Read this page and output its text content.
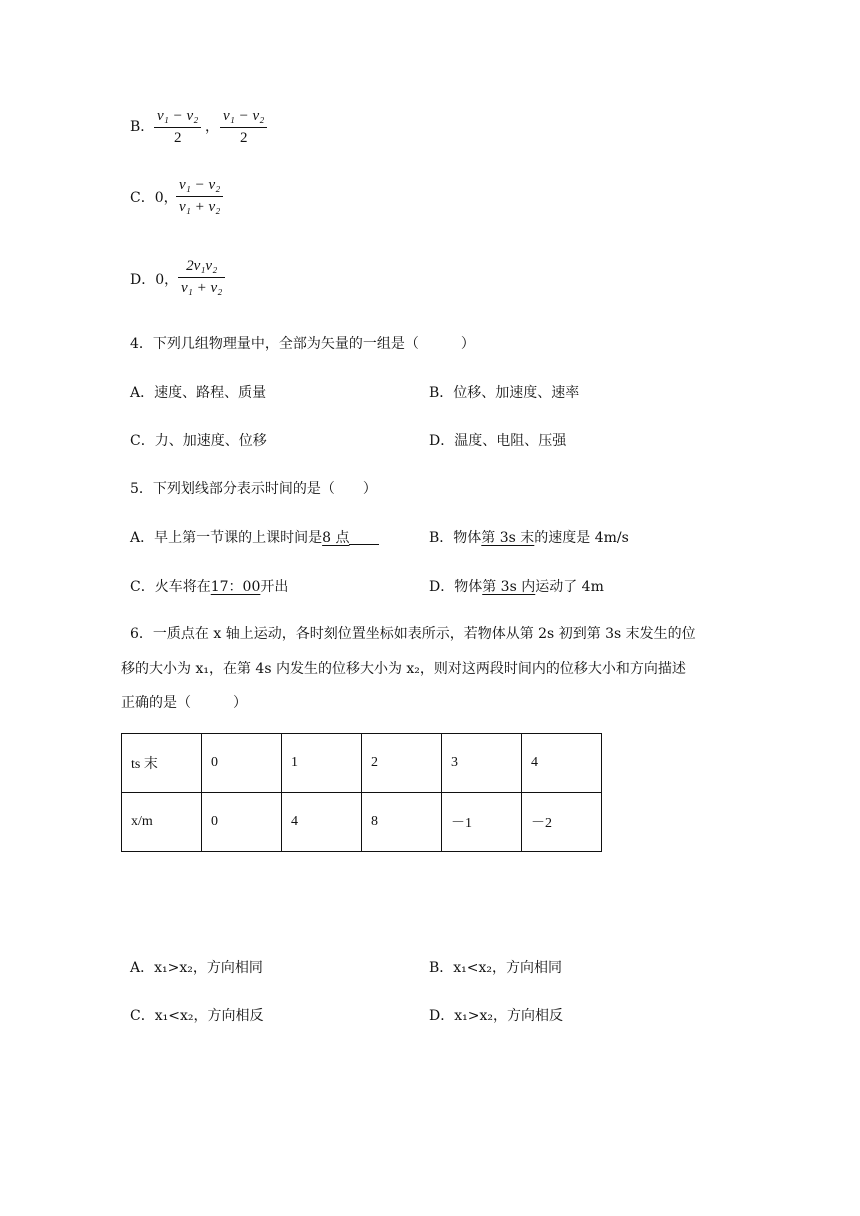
B．
v₁ − v₂
2
，
v₁ − v₂
2
C．0，
v₁ − v₂
v₁ + v₂
D．0，
2v₁v₂
v₁ + v₂
4．下列几组物理量中，全部为矢量的一组是（　　　）
A．速度、路程、质量	B．位移、加速度、速率
C．力、加速度、位移	D．温度、电阻、压强
5．下列划线部分表示时间的是（　　）
A．早上第一节课的上课时间是8 点	B．物体第 3s 末的速度是 4m/s
C．火车将在17：00开出	D．物体第 3s 内运动了 4m
6．一质点在 x 轴上运动，各时刻位置坐标如表所示，若物体从第 2s 初到第 3s 末发生的位
移的大小为 x₁，在第 4s 内发生的位移大小为 x₂，则对这两段时间内的位移大小和方向描述
正确的是（　　　）
ts 末	0	1	2	3	4
x/m	0	4	8	－1	－2
A．x₁>x₂，方向相同	B．x₁<x₂，方向相同
C．x₁<x₂，方向相反	D．x₁>x₂，方向相反
